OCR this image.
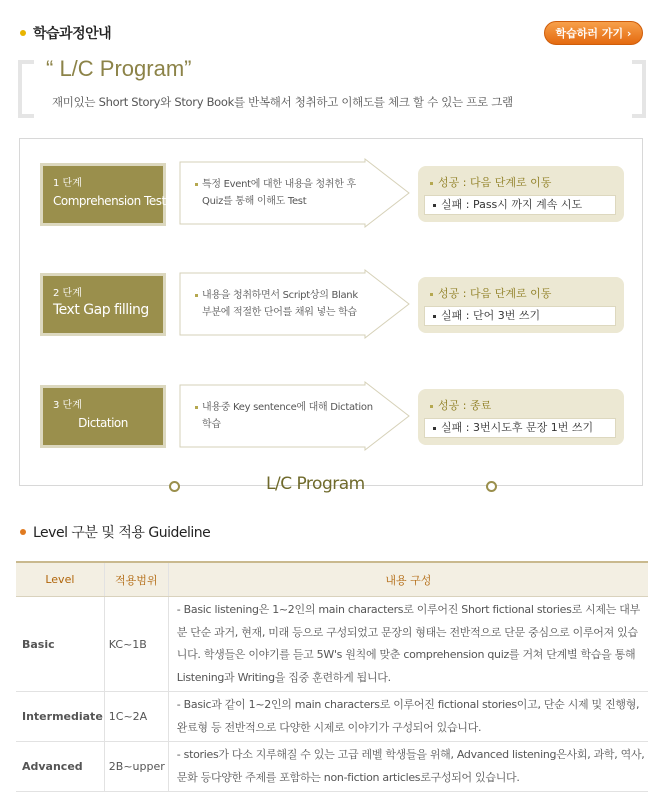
학습과정안내	학습하러 가기 ›
“ L/C Program”
재미있는 Short Story와 Story Book를 반복해서 청취하고 이해도를 체크 할 수 있는 프로 그램
1 단계
Comprehension Test
특정 Event에 대한 내용을 청취한 후
Quiz를 통해 이해도 Test
성공 : 다음 단계로 이동
실패 : Pass시 까지 계속 시도
2 단계
Text Gap filling
내용을 청취하면서 Script상의 Blank
부분에 적절한 단어를 채워 넣는 학습
성공 : 다음 단계로 이동
실패 : 단어 3번 쓰기
3 단계
Dictation
내용중 Key sentence에 대해 Dictation
학습
성공 : 종료
실패 : 3번시도후 문장 1번 쓰기
L/C Program
Level 구분 및 적용 Guideline
Level	적용범위	내용 구성
Basic	KC~1B	- Basic listening은 1~2인의 main characters로 이루어진 Short fictional stories로 시제는 대부분 단순 과거, 현재, 미래 등으로 구성되었고 문장의 형태는 전반적으로 단문 중심으로 이루어져 있습니다. 학생들은 이야기를 듣고 5W's 원칙에 맞춘 comprehension quiz를 거쳐 단계별 학습을 통해 Listening과 Writing을 집중 훈련하게 됩니다.
Intermediate	1C~2A	- Basic과 같이 1~2인의 main characters로 이루어진 fictional stories이고, 단순 시제 및 진행형, 완료형 등 전반적으로 다양한 시제로 이야기가 구성되어 있습니다.
Advanced	2B~upper	- stories가 다소 지루해질 수 있는 고급 레벨 학생들을 위해, Advanced listening은사회, 과학, 역사, 문화 등다양한 주제를 포함하는 non-fiction articles로구성되어 있습니다.
